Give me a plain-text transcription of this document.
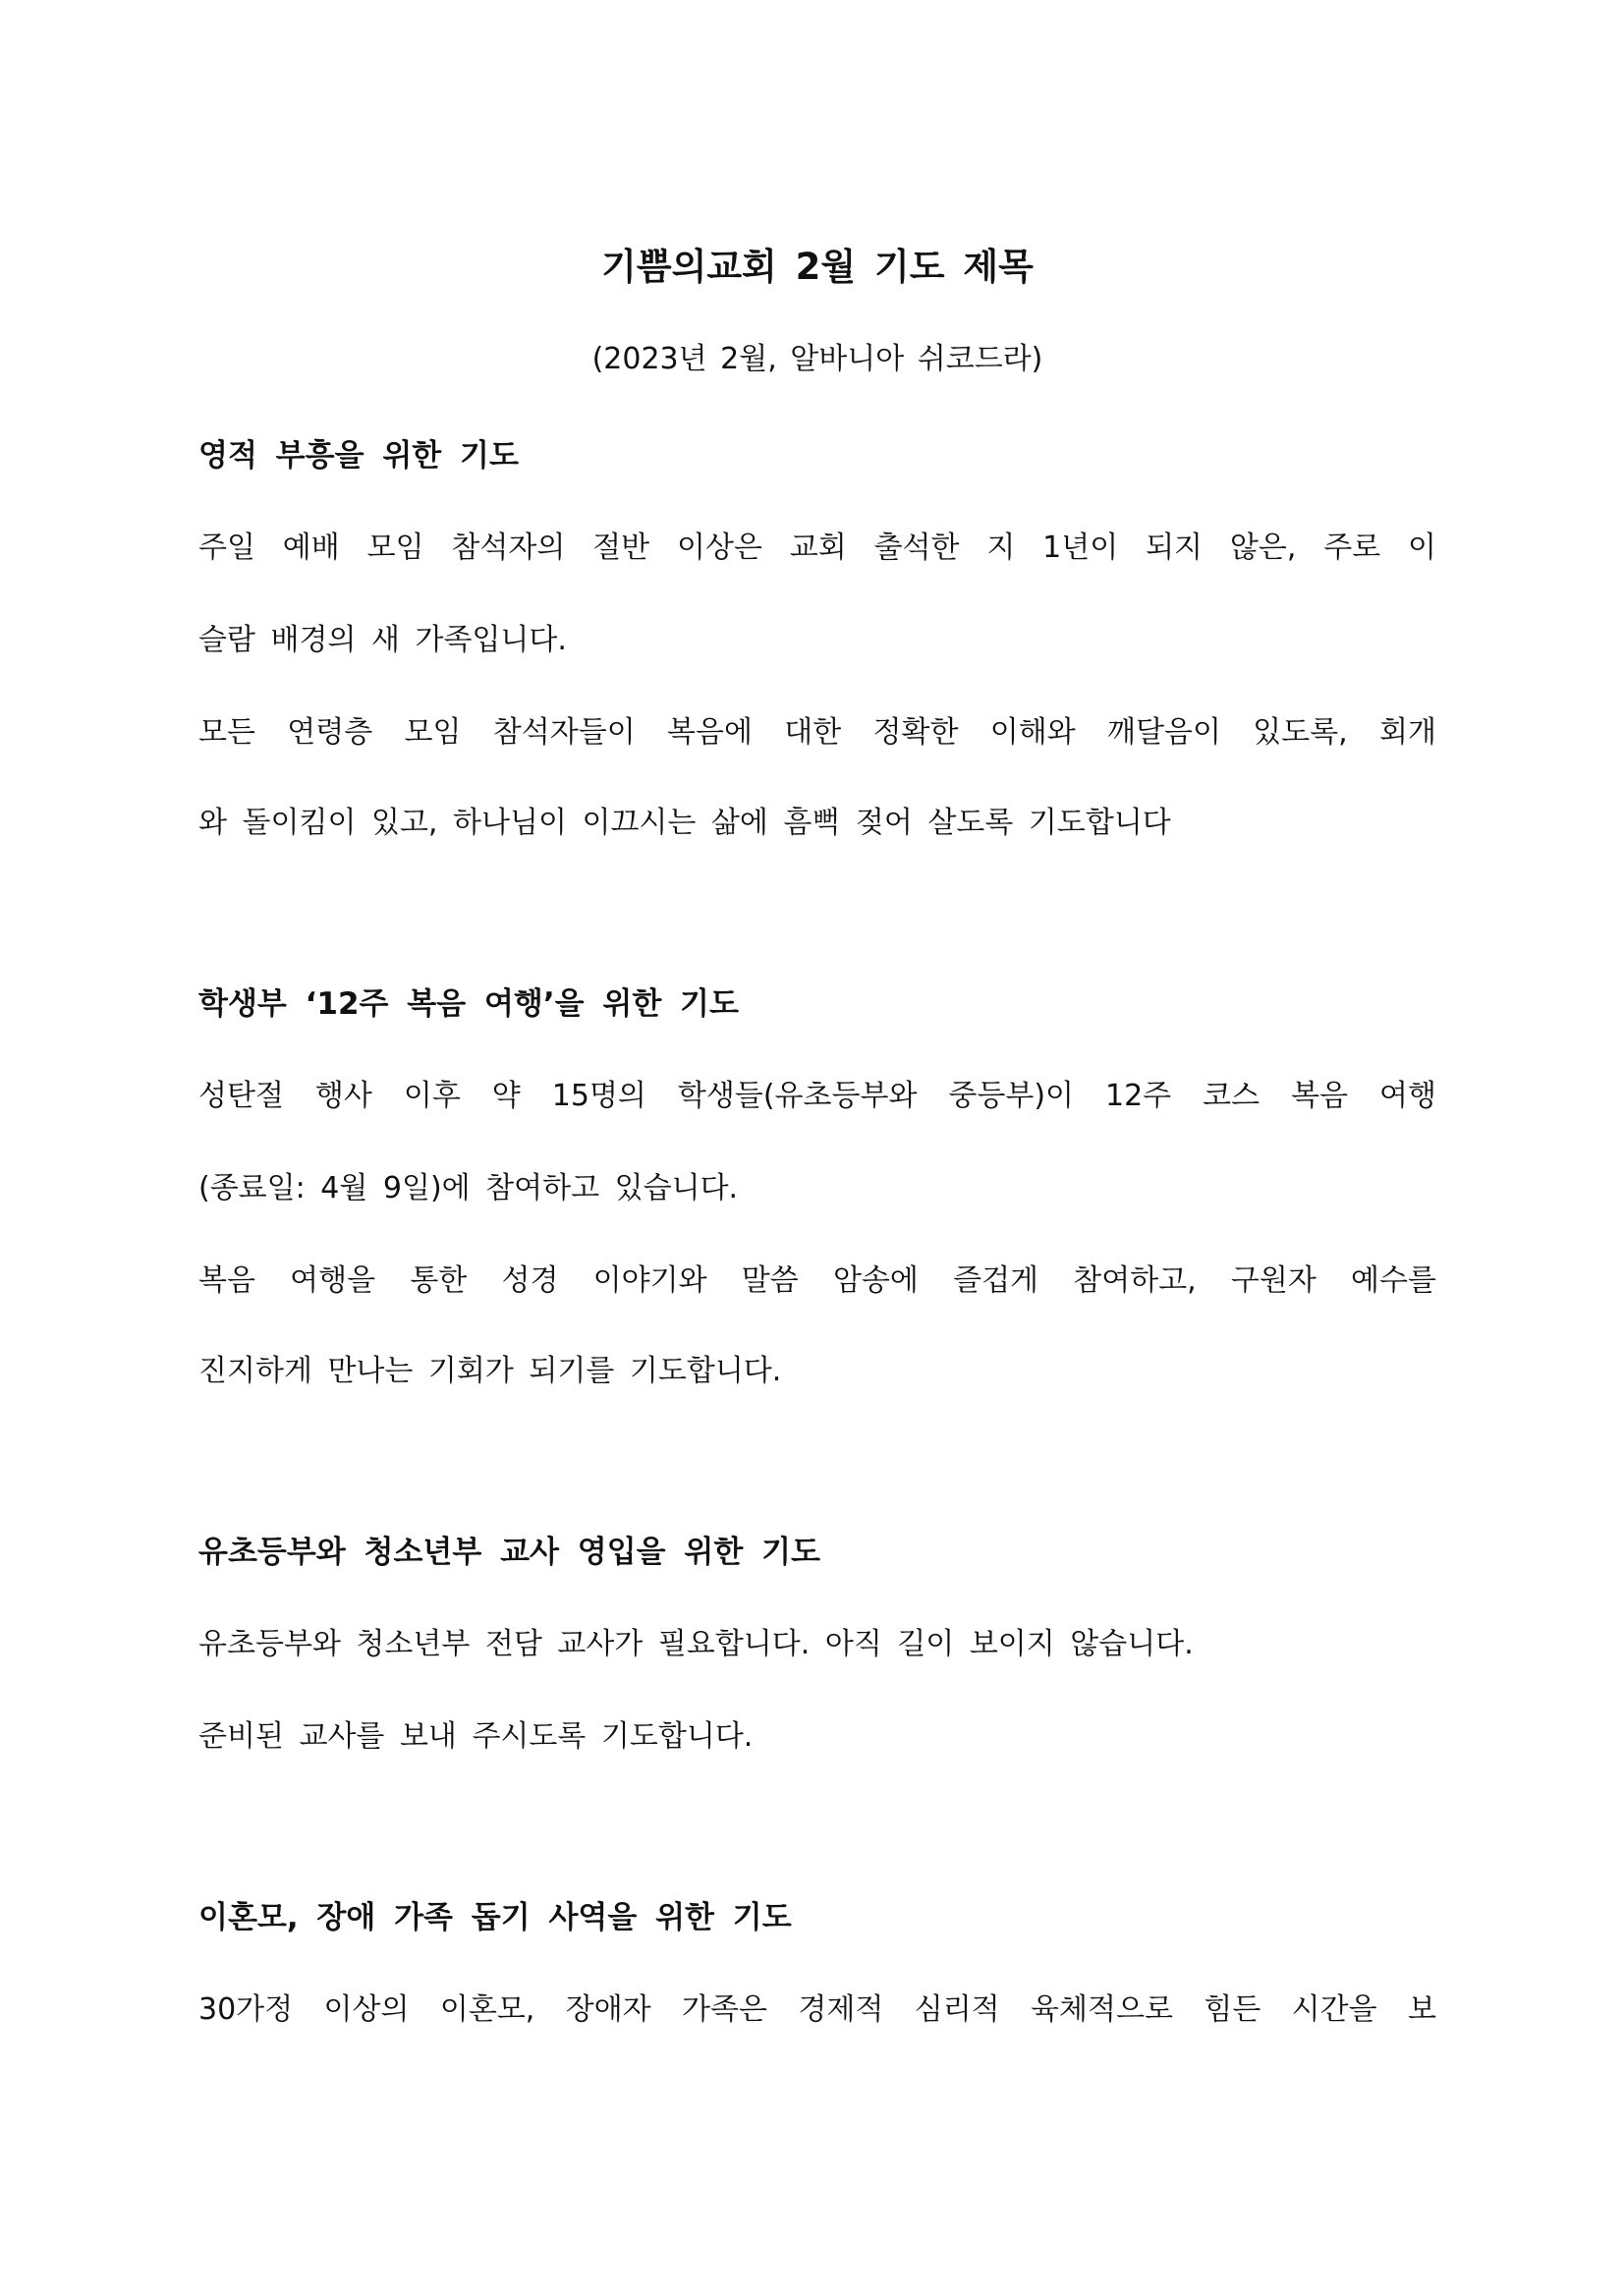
기쁨의교회 2월 기도 제목
(2023년 2월, 알바니아 쉬코드라)
영적 부흥을 위한 기도
주일 예배 모임 참석자의 절반 이상은 교회 출석한 지 1년이 되지 않은, 주로 이
슬람 배경의 새 가족입니다.
모든 연령층 모임 참석자들이 복음에 대한 정확한 이해와 깨달음이 있도록, 회개
와 돌이킴이 있고, 하나님이 이끄시는 삶에 흠뻑 젖어 살도록 기도합니다
학생부 ‘12주 복음 여행’을 위한 기도
성탄절 행사 이후 약 15명의 학생들(유초등부와 중등부)이 12주 코스 복음 여행
(종료일: 4월 9일)에 참여하고 있습니다.
복음 여행을 통한 성경 이야기와 말씀 암송에 즐겁게 참여하고, 구원자 예수를
진지하게 만나는 기회가 되기를 기도합니다.
유초등부와 청소년부 교사 영입을 위한 기도
유초등부와 청소년부 전담 교사가 필요합니다. 아직 길이 보이지 않습니다.
준비된 교사를 보내 주시도록 기도합니다.
이혼모, 장애 가족 돕기 사역을 위한 기도
30가정 이상의 이혼모, 장애자 가족은 경제적 심리적 육체적으로 힘든 시간을 보
